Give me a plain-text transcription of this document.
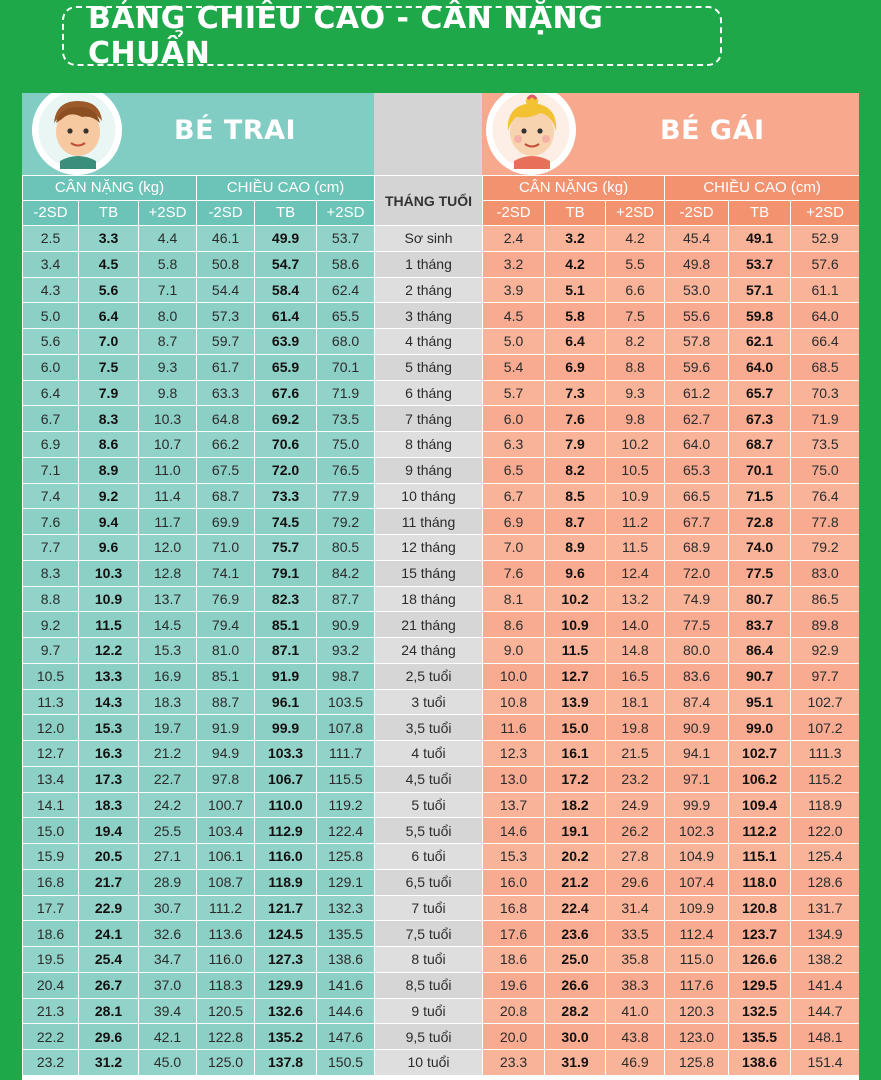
BẢNG CHIỀU CAO - CÂN NẶNG CHUẨN
BÉ TRAI	BÉ GÁI
CÂN NẶNG (kg)			CHIỀU CAO (cm)			THÁNG TUỔI	CÂN NẶNG (kg)			CHIỀU CAO (cm)		
-2SD	TB	+2SD	-2SD	TB	+2SD		-2SD	TB	+2SD	-2SD	TB	+2SD
2.5	3.3	4.4	46.1	49.9	53.7	Sơ sinh	2.4	3.2	4.2	45.4	49.1	52.9
3.4	4.5	5.8	50.8	54.7	58.6	1 tháng	3.2	4.2	5.5	49.8	53.7	57.6
4.3	5.6	7.1	54.4	58.4	62.4	2 tháng	3.9	5.1	6.6	53.0	57.1	61.1
5.0	6.4	8.0	57.3	61.4	65.5	3 tháng	4.5	5.8	7.5	55.6	59.8	64.0
5.6	7.0	8.7	59.7	63.9	68.0	4 tháng	5.0	6.4	8.2	57.8	62.1	66.4
6.0	7.5	9.3	61.7	65.9	70.1	5 tháng	5.4	6.9	8.8	59.6	64.0	68.5
6.4	7.9	9.8	63.3	67.6	71.9	6 tháng	5.7	7.3	9.3	61.2	65.7	70.3
6.7	8.3	10.3	64.8	69.2	73.5	7 tháng	6.0	7.6	9.8	62.7	67.3	71.9
6.9	8.6	10.7	66.2	70.6	75.0	8 tháng	6.3	7.9	10.2	64.0	68.7	73.5
7.1	8.9	11.0	67.5	72.0	76.5	9 tháng	6.5	8.2	10.5	65.3	70.1	75.0
7.4	9.2	11.4	68.7	73.3	77.9	10 tháng	6.7	8.5	10.9	66.5	71.5	76.4
7.6	9.4	11.7	69.9	74.5	79.2	11 tháng	6.9	8.7	11.2	67.7	72.8	77.8
7.7	9.6	12.0	71.0	75.7	80.5	12 tháng	7.0	8.9	11.5	68.9	74.0	79.2
8.3	10.3	12.8	74.1	79.1	84.2	15 tháng	7.6	9.6	12.4	72.0	77.5	83.0
8.8	10.9	13.7	76.9	82.3	87.7	18 tháng	8.1	10.2	13.2	74.9	80.7	86.5
9.2	11.5	14.5	79.4	85.1	90.9	21 tháng	8.6	10.9	14.0	77.5	83.7	89.8
9.7	12.2	15.3	81.0	87.1	93.2	24 tháng	9.0	11.5	14.8	80.0	86.4	92.9
10.5	13.3	16.9	85.1	91.9	98.7	2,5 tuổi	10.0	12.7	16.5	83.6	90.7	97.7
11.3	14.3	18.3	88.7	96.1	103.5	3 tuổi	10.8	13.9	18.1	87.4	95.1	102.7
12.0	15.3	19.7	91.9	99.9	107.8	3,5 tuổi	11.6	15.0	19.8	90.9	99.0	107.2
12.7	16.3	21.2	94.9	103.3	111.7	4 tuổi	12.3	16.1	21.5	94.1	102.7	111.3
13.4	17.3	22.7	97.8	106.7	115.5	4,5 tuổi	13.0	17.2	23.2	97.1	106.2	115.2
14.1	18.3	24.2	100.7	110.0	119.2	5 tuổi	13.7	18.2	24.9	99.9	109.4	118.9
15.0	19.4	25.5	103.4	112.9	122.4	5,5 tuổi	14.6	19.1	26.2	102.3	112.2	122.0
15.9	20.5	27.1	106.1	116.0	125.8	6 tuổi	15.3	20.2	27.8	104.9	115.1	125.4
16.8	21.7	28.9	108.7	118.9	129.1	6,5 tuổi	16.0	21.2	29.6	107.4	118.0	128.6
17.7	22.9	30.7	111.2	121.7	132.3	7 tuổi	16.8	22.4	31.4	109.9	120.8	131.7
18.6	24.1	32.6	113.6	124.5	135.5	7,5 tuổi	17.6	23.6	33.5	112.4	123.7	134.9
19.5	25.4	34.7	116.0	127.3	138.6	8 tuổi	18.6	25.0	35.8	115.0	126.6	138.2
20.4	26.7	37.0	118.3	129.9	141.6	8,5 tuổi	19.6	26.6	38.3	117.6	129.5	141.4
21.3	28.1	39.4	120.5	132.6	144.6	9 tuổi	20.8	28.2	41.0	120.3	132.5	144.7
22.2	29.6	42.1	122.8	135.2	147.6	9,5 tuổi	20.0	30.0	43.8	123.0	135.5	148.1
23.2	31.2	45.0	125.0	137.8	150.5	10 tuổi	23.3	31.9	46.9	125.8	138.6	151.4
